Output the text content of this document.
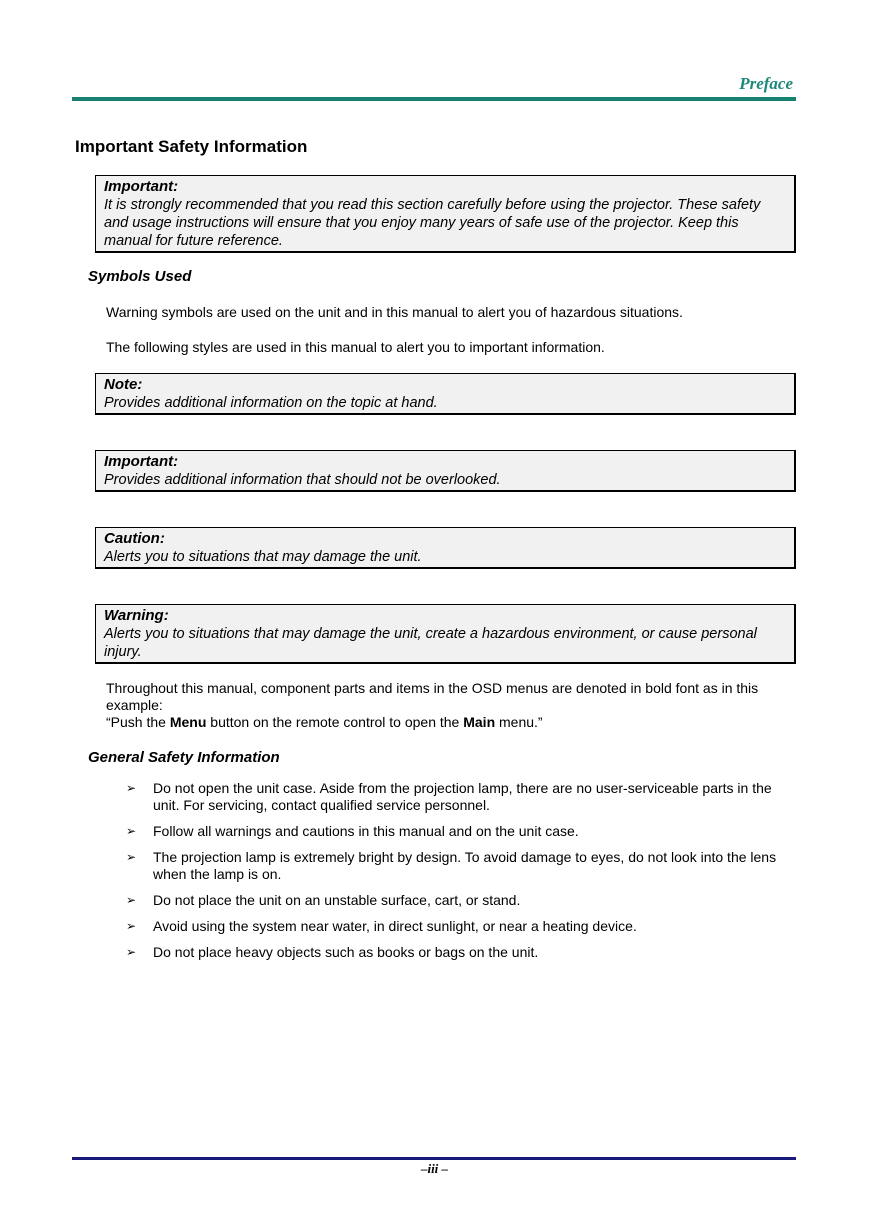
Preface
Important Safety Information
Important:
It is strongly recommended that you read this section carefully before using the projector. These safety and usage instructions will ensure that you enjoy many years of safe use of the projector. Keep this manual for future reference.
Symbols Used
Warning symbols are used on the unit and in this manual to alert you of hazardous situations.
The following styles are used in this manual to alert you to important information.
Note:
Provides additional information on the topic at hand.
Important:
Provides additional information that should not be overlooked.
Caution:
Alerts you to situations that may damage the unit.
Warning:
Alerts you to situations that may damage the unit, create a hazardous environment, or cause personal injury.
Throughout this manual, component parts and items in the OSD menus are denoted in bold font as in this example:
“Push the Menu button on the remote control to open the Main menu.”
General Safety Information
➢ Do not open the unit case. Aside from the projection lamp, there are no user-serviceable parts in the unit. For servicing, contact qualified service personnel.
➢ Follow all warnings and cautions in this manual and on the unit case.
➢ The projection lamp is extremely bright by design. To avoid damage to eyes, do not look into the lens when the lamp is on.
➢ Do not place the unit on an unstable surface, cart, or stand.
➢ Avoid using the system near water, in direct sunlight, or near a heating device.
➢ Do not place heavy objects such as books or bags on the unit.
–iii –
